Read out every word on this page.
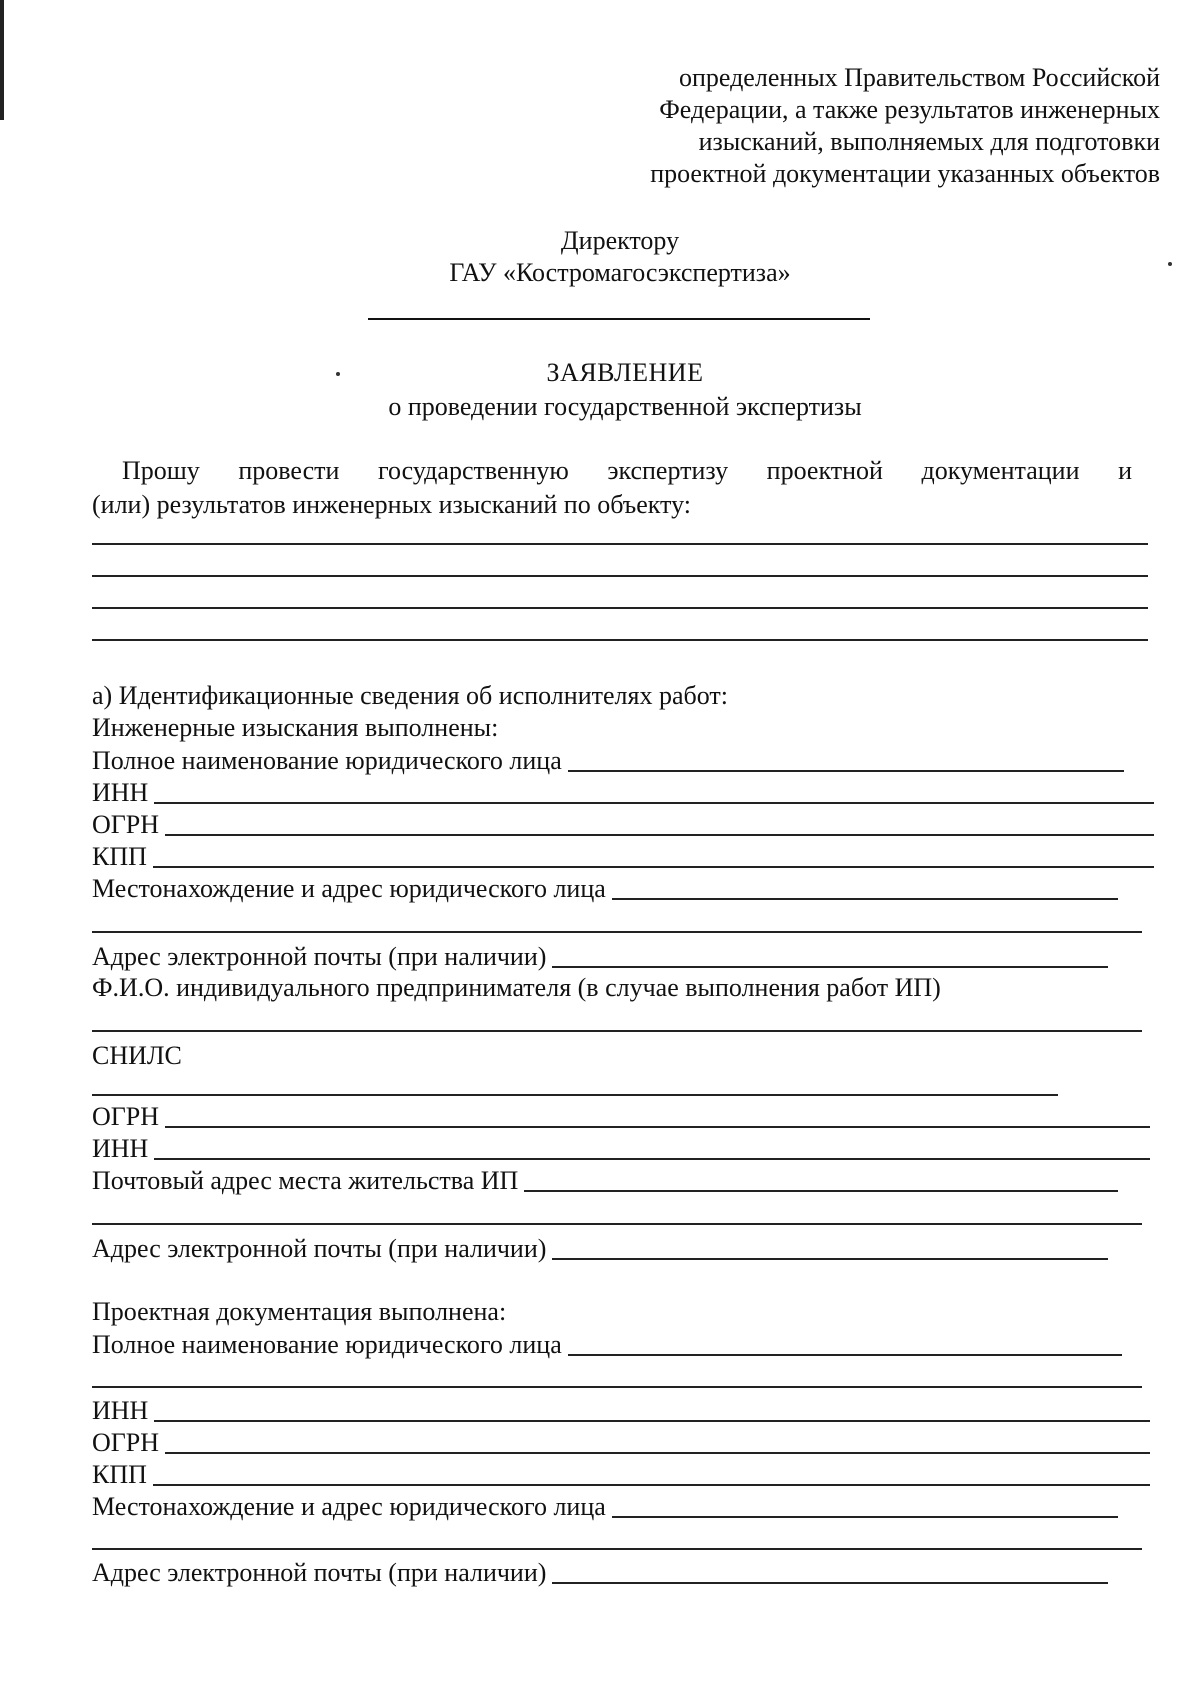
определенных Правительством Российской
Федерации, а также результатов инженерных
изысканий, выполняемых для подготовки
проектной документации указанных объектов
Директору
ГАУ «Костромагосэкспертиза»
ЗАЯВЛЕНИЕ
о проведении государственной экспертизы
Прошу провести государственную экспертизу проектной документации и
(или) результатов инженерных изысканий по объекту:
а) Идентификационные сведения об исполнителях работ:
Инженерные изыскания выполнены:
Полное наименование юридического лица
ИНН
ОГРН
КПП
Местонахождение и адрес юридического лица
Адрес электронной почты (при наличии)
Ф.И.О. индивидуального предпринимателя (в случае выполнения работ ИП)
СНИЛС
ОГРН
ИНН
Почтовый адрес места жительства ИП
Адрес электронной почты (при наличии)
Проектная документация выполнена:
Полное наименование юридического лица
ИНН
ОГРН
КПП
Местонахождение и адрес юридического лица
Адрес электронной почты (при наличии)
